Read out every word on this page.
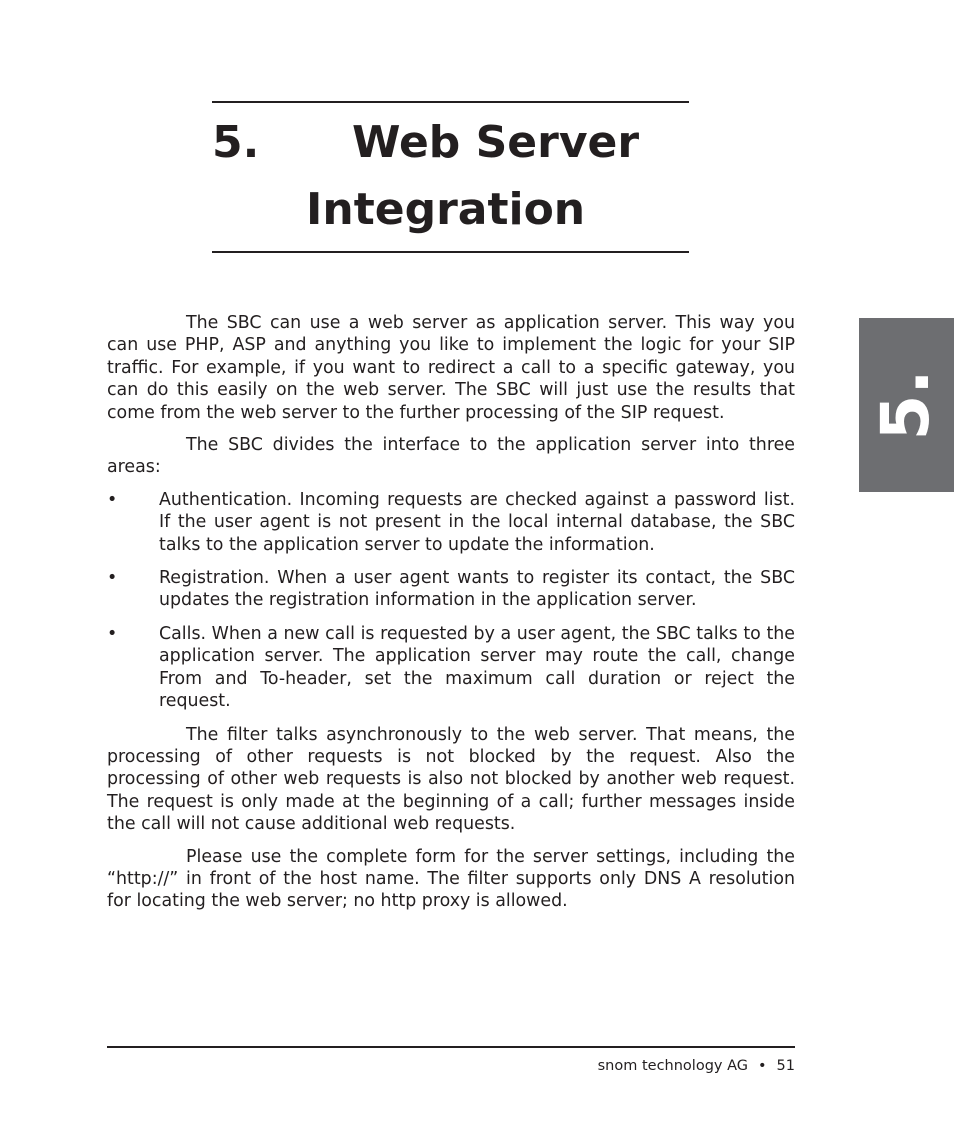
5.	Web Server
Integration
5.

The SBC can use a web server as application server. This way you can use PHP, ASP and anything you like to implement the logic for your SIP traffic. For example, if you want to redirect a call to a specific gateway, you can do this easily on the web server. The SBC will just use the results that come from the web server to the further processing of the SIP request.

The SBC divides the interface to the application server into three areas:

• Authentication. Incoming requests are checked against a password list. If the user agent is not present in the local internal database, the SBC talks to the application server to update the information.
• Registration. When a user agent wants to register its contact, the SBC updates the registration information in the application server.
• Calls. When a new call is requested by a user agent, the SBC talks to the application server. The application server may route the call, change From and To-header, set the maximum call duration or reject the request.

The filter talks asynchronously to the web server. That means, the processing of other requests is not blocked by the request. Also the processing of other web requests is also not blocked by another web request. The request is only made at the beginning of a call; further messages inside the call will not cause additional web requests.

Please use the complete form for the server settings, including the “http://” in front of the host name. The filter supports only DNS A resolution for locating the web server; no http proxy is allowed.

snom technology AG • 51
